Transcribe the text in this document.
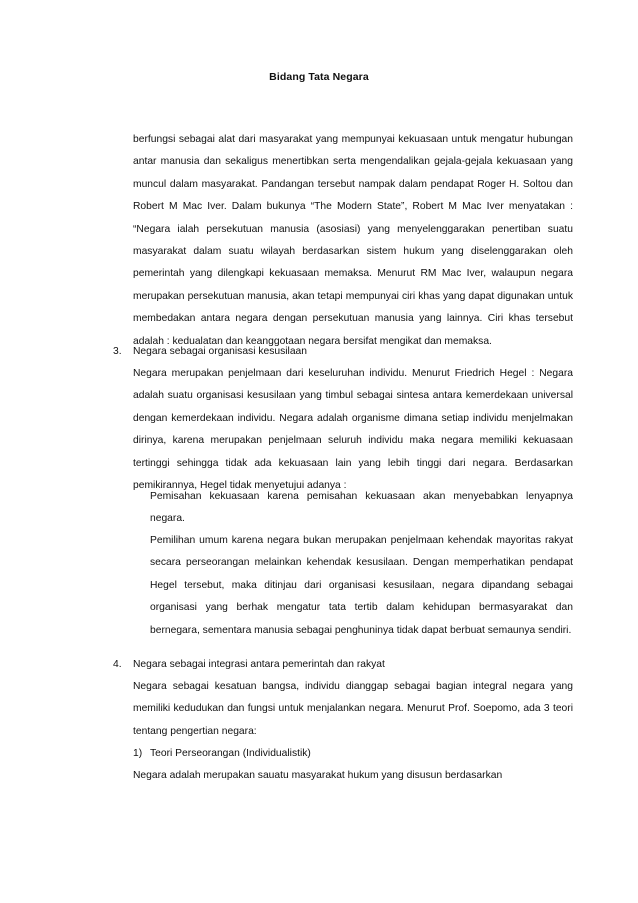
Bidang Tata Negara
berfungsi sebagai alat dari masyarakat yang mempunyai kekuasaan untuk mengatur hubungan antar manusia dan sekaligus menertibkan serta mengendalikan gejala-gejala kekuasaan yang muncul dalam masyarakat. Pandangan tersebut nampak dalam pendapat Roger H. Soltou dan Robert M Mac Iver. Dalam bukunya “The Modern State”, Robert M Mac Iver menyatakan : “Negara ialah persekutuan manusia (asosiasi) yang menyelenggarakan penertiban suatu masyarakat dalam suatu wilayah berdasarkan sistem hukum yang diselenggarakan oleh pemerintah yang dilengkapi kekuasaan memaksa. Menurut RM Mac Iver, walaupun negara merupakan persekutuan manusia, akan tetapi mempunyai ciri khas yang dapat digunakan untuk membedakan antara negara dengan persekutuan manusia yang lainnya. Ciri khas tersebut adalah : kedualatan dan keanggotaan negara bersifat mengikat dan memaksa.
3. Negara sebagai organisasi kesusilaan
Negara merupakan penjelmaan dari keseluruhan individu. Menurut Friedrich Hegel : Negara adalah suatu organisasi kesusilaan yang timbul sebagai sintesa antara kemerdekaan universal dengan kemerdekaan individu. Negara adalah organisme dimana setiap individu menjelmakan dirinya, karena merupakan penjelmaan seluruh individu maka negara memiliki kekuasaan tertinggi sehingga tidak ada kekuasaan lain yang lebih tinggi dari negara. Berdasarkan pemikirannya, Hegel tidak menyetujui adanya :
Pemisahan kekuasaan karena pemisahan kekuasaan akan menyebabkan lenyapnya negara.
Pemilihan umum karena negara bukan merupakan penjelmaan kehendak mayoritas rakyat secara perseorangan melainkan kehendak kesusilaan. Dengan memperhatikan pendapat Hegel tersebut, maka ditinjau dari organisasi kesusilaan, negara dipandang sebagai organisasi yang berhak mengatur tata tertib dalam kehidupan bermasyarakat dan bernegara, sementara manusia sebagai penghuninya tidak dapat berbuat semaunya sendiri.
4. Negara sebagai integrasi antara pemerintah dan rakyat
Negara sebagai kesatuan bangsa, individu dianggap sebagai bagian integral negara yang memiliki kedudukan dan fungsi untuk menjalankan negara. Menurut Prof. Soepomo, ada 3 teori tentang pengertian negara:
1) Teori Perseorangan (Individualistik)
Negara adalah merupakan sauatu masyarakat hukum yang disusun berdasarkan
